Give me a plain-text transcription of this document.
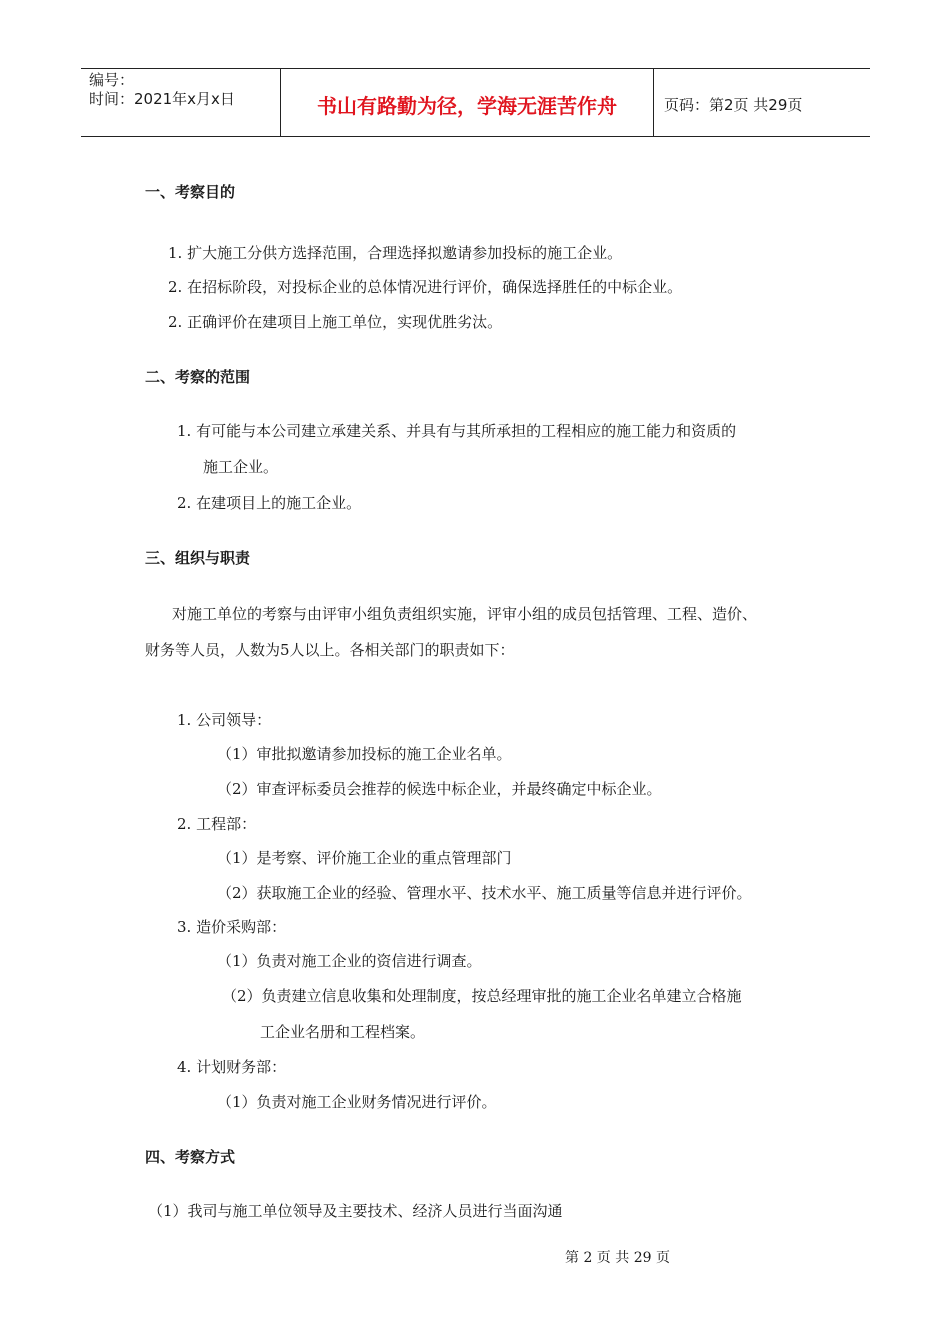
编号：
时间：2021年x月x日	书山有路勤为径，学海无涯苦作舟	页码：第2页 共29页
一、考察目的
1. 扩大施工分供方选择范围，合理选择拟邀请参加投标的施工企业。
2. 在招标阶段，对投标企业的总体情况进行评价，确保选择胜任的中标企业。
2. 正确评价在建项目上施工单位，实现优胜劣汰。
二、考察的范围
1. 有可能与本公司建立承建关系、并具有与其所承担的工程相应的施工能力和资质的
施工企业。
2. 在建项目上的施工企业。
三、组织与职责
对施工单位的考察与由评审小组负责组织实施，评审小组的成员包括管理、工程、造价、
财务等人员，人数为5人以上。各相关部门的职责如下：
1. 公司领导：
（1）审批拟邀请参加投标的施工企业名单。
（2）审查评标委员会推荐的候选中标企业，并最终确定中标企业。
2. 工程部：
（1）是考察、评价施工企业的重点管理部门
（2）获取施工企业的经验、管理水平、技术水平、施工质量等信息并进行评价。
3. 造价采购部：
（1）负责对施工企业的资信进行调查。
（2）负责建立信息收集和处理制度，按总经理审批的施工企业名单建立合格施
工企业名册和工程档案。
4. 计划财务部：
（1）负责对施工企业财务情况进行评价。
四、考察方式
（1）我司与施工单位领导及主要技术、经济人员进行当面沟通
第 2 页 共 29 页
